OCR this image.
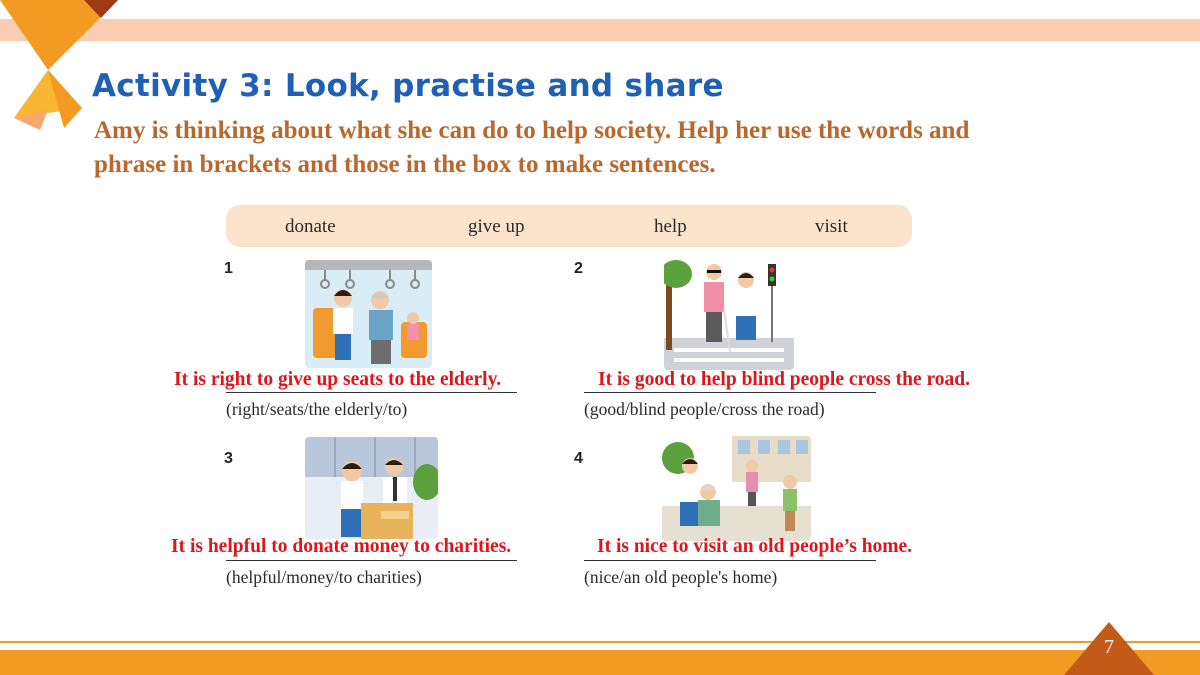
Activity 3: Look, practise and share

Amy is thinking about what she can do to help society. Help her use the words and phrase in brackets and those in the box to make sentences.

donate	give up	help	visit
1
It is right to give up seats to the elderly.
(right/seats/the elderly/to)
2
It is good to help blind people cross the road.
(good/blind people/cross the road)
3
It is helpful to donate money to charities.
(helpful/money/to charities)
4
It is nice to visit an old people’s home.
(nice/an old people's home)
7
